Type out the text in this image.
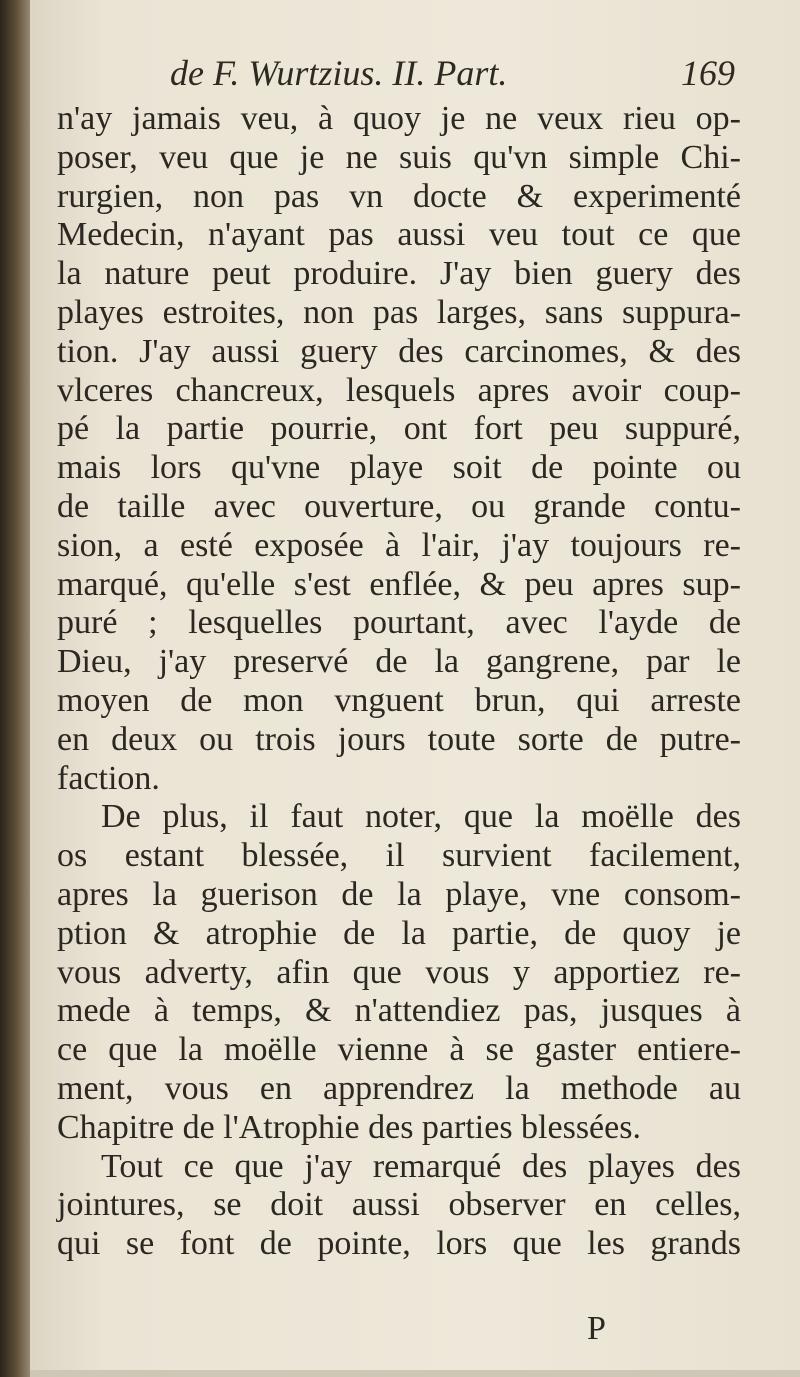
de F. Wurtzius. II. Part.	169
n'ay jamais veu, à quoy je ne veux rieu op-
poser, veu que je ne suis qu'vn simple Chi-
rurgien, non pas vn docte & experimenté
Medecin, n'ayant pas aussi veu tout ce que
la nature peut produire. J'ay bien guery des
playes estroites, non pas larges, sans suppura-
tion. J'ay aussi guery des carcinomes, & des
vlceres chancreux, lesquels apres avoir coup-
pé la partie pourrie, ont fort peu suppuré,
mais lors qu'vne playe soit de pointe ou
de taille avec ouverture, ou grande contu-
sion, a esté exposée à l'air, j'ay toujours re-
marqué, qu'elle s'est enflée, & peu apres sup-
puré ; lesquelles pourtant, avec l'ayde de
Dieu, j'ay preservé de la gangrene, par le
moyen de mon vnguent brun, qui arreste
en deux ou trois jours toute sorte de putre-
faction.
De plus, il faut noter, que la moëlle des
os estant blessée, il survient facilement,
apres la guerison de la playe, vne consom-
ption & atrophie de la partie, de quoy je
vous adverty, afin que vous y apportiez re-
mede à temps, & n'attendiez pas, jusques à
ce que la moëlle vienne à se gaster entiere-
ment, vous en apprendrez la methode au
Chapitre de l'Atrophie des parties blessées.
Tout ce que j'ay remarqué des playes des
jointures, se doit aussi observer en celles,
qui se font de pointe, lors que les grands
P
